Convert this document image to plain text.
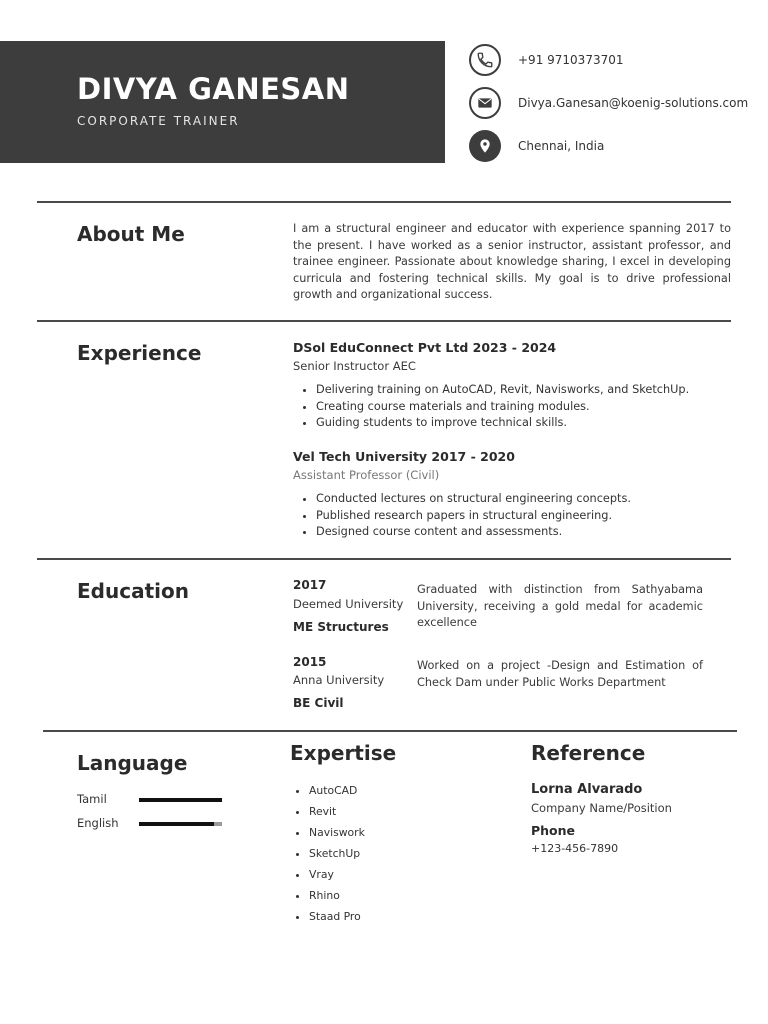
DIVYA GANESAN
CORPORATE TRAINER
+91 9710373701
Divya.Ganesan@koenig-solutions.com
Chennai, India
About Me	I am a structural engineer and educator with experience spanning 2017 to the present. I have worked as a senior instructor, assistant professor, and trainee engineer. Passionate about knowledge sharing, I excel in developing curricula and fostering technical skills. My goal is to drive professional growth and organizational success.
Experience	DSol EduConnect Pvt Ltd 2023 - 2024
Senior Instructor AEC
• Delivering training on AutoCAD, Revit, Navisworks, and SketchUp.
• Creating course materials and training modules.
• Guiding students to improve technical skills.
Vel Tech University 2017 - 2020
Assistant Professor (Civil)
• Conducted lectures on structural engineering concepts.
• Published research papers in structural engineering.
• Designed course content and assessments.
Education	2017
Deemed University
ME Structures
Graduated with distinction from Sathyabama University, receiving a gold medal for academic excellence
2015
Anna University
BE Civil
Worked on a project -Design and Estimation of Check Dam under Public Works Department
Language
Tamil
English
Expertise
• AutoCAD
• Revit
• Naviswork
• SketchUp
• Vray
• Rhino
• Staad Pro
Reference
Lorna Alvarado
Company Name/Position
Phone
+123-456-7890
